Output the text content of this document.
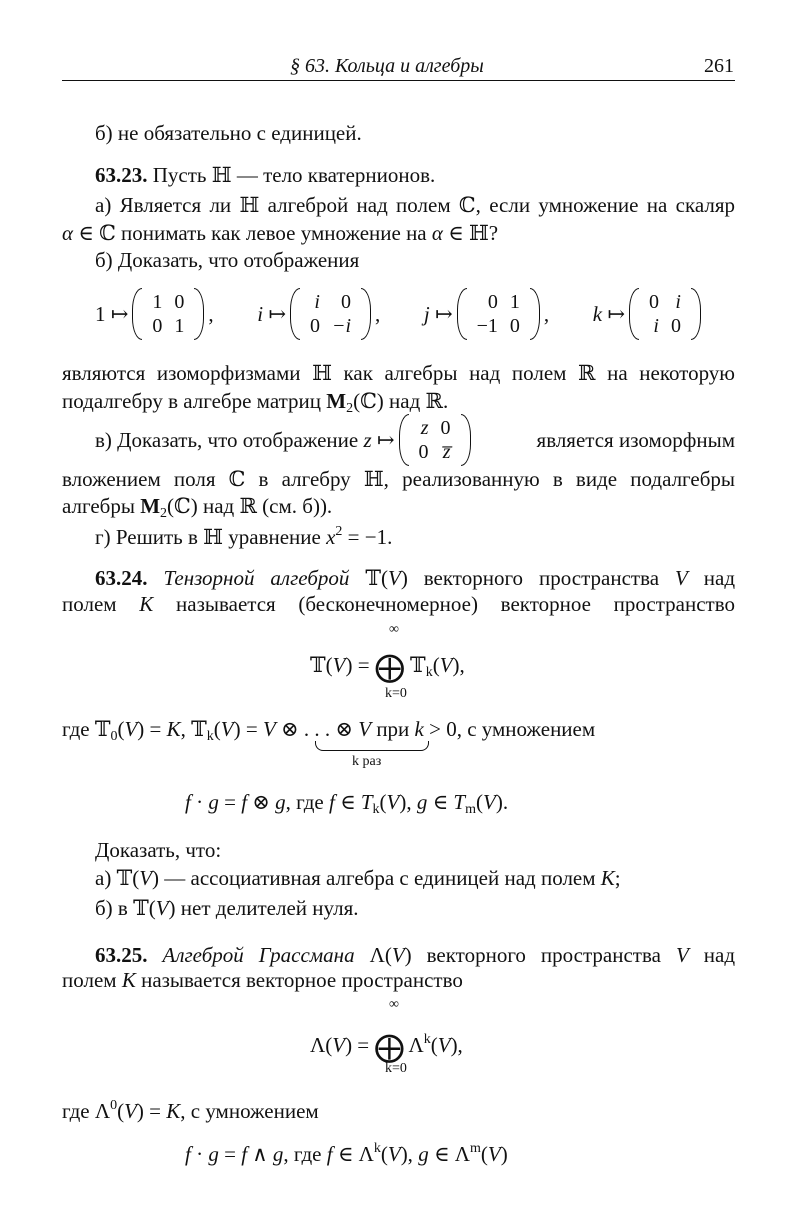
§ 63. Кольца и алгебры	261
б) не обязательно с единицей.
63.23. Пусть ℍ — тело кватернионов.
а) Является ли ℍ алгеброй над полем ℂ, если умножение на скаляр
α ∈ ℂ понимать как левое умножение на α ∈ ℍ?
б) Доказать, что отображения
1 ↦ 1	0
0	1
, i ↦ i	0
0	−i
, j ↦ 0	1
−1	0
, k ↦ 0	i
i	0
являются изоморфизмами ℍ как алгебры над полем ℝ на некоторую
подалгебру в алгебре матриц $M_2(ℂ)$ над ℝ.
в) Доказать, что отображение z ↦ z	0
0	z̅	является изоморфным
вложением поля ℂ в алгебру ℍ, реализованную в виде подалгебры
алгебры $M_2(ℂ)$ над ℝ (см. б)).
г) Решить в ℍ уравнение $x^2 = -1$.
63.24. Тензорной алгеброй 𝕋(V) векторного пространства V над
полем K называется (бесконечномерное) векторное пространство
∞
𝕋(V) = ⨁ 𝕋$_k$(V),
k=0
где 𝕋$_0$(V) = K, 𝕋$_k$(V) = V ⊗ . . . ⊗ V при k > 0, с умножением
k раз
f · g = f ⊗ g, где f ∈ $T_k(V)$, g ∈ $T_m(V)$.
Доказать, что:
а) 𝕋(V) — ассоциативная алгебра с единицей над полем K;
б) в 𝕋(V) нет делителей нуля.
63.25. Алгеброй Грассмана Λ(V) векторного пространства V над
полем K называется векторное пространство
∞
Λ(V) = ⨁ $\Lambda^k(V)$,
k=0
где $\Lambda^0(V) = K$, с умножением
f · g = f ∧ g, где f ∈ $\Lambda^k(V)$, g ∈ $\Lambda^m(V)$
